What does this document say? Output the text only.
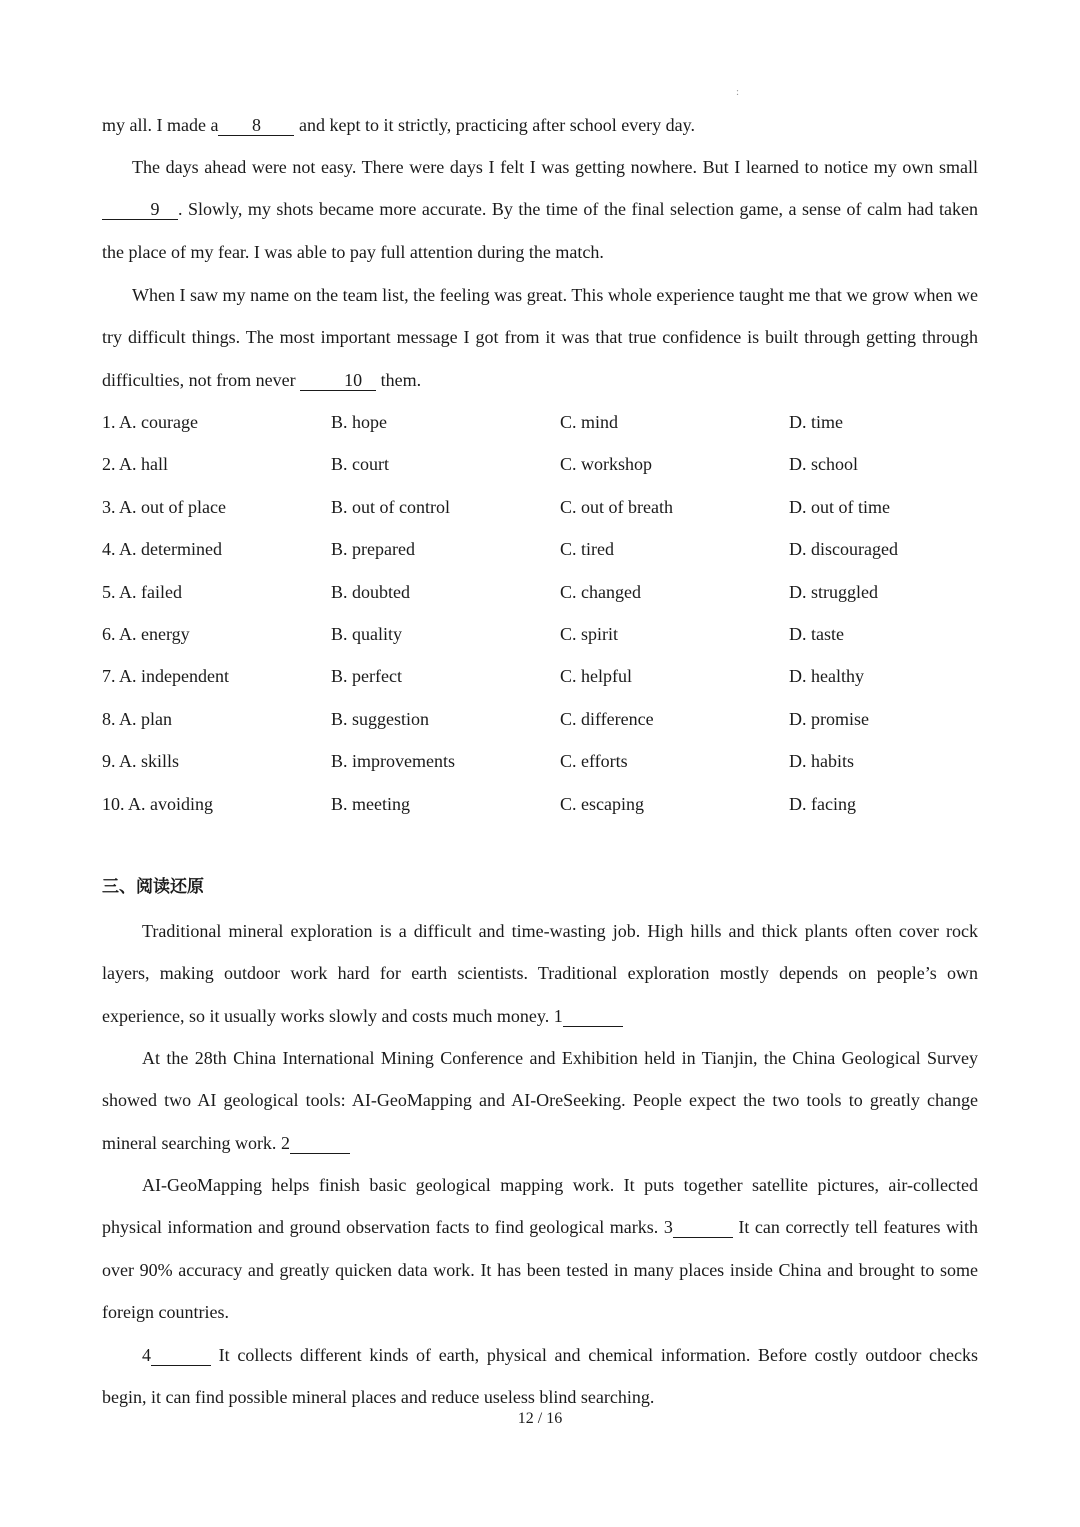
:

my all. I made a 8 and kept to it strictly, practicing after school every day.

The days ahead were not easy. There were days I felt I was getting nowhere. But I learned to notice my own small 9 . Slowly, my shots became more accurate. By the time of the final selection game, a sense of calm had taken the place of my fear. I was able to pay full attention during the match.

When I saw my name on the team list, the feeling was great. This whole experience taught me that we grow when we try difficult things. The most important message I got from it was that true confidence is built through getting through difficulties, not from never 10 them.

1. A. courage	B. hope	C. mind	D. time
2. A. hall	B. court	C. workshop	D. school
3. A. out of place	B. out of control	C. out of breath	D. out of time
4. A. determined	B. prepared	C. tired	D. discouraged
5. A. failed	B. doubted	C. changed	D. struggled
6. A. energy	B. quality	C. spirit	D. taste
7. A. independent	B. perfect	C. helpful	D. healthy
8. A. plan	B. suggestion	C. difference	D. promise
9. A. skills	B. improvements	C. efforts	D. habits
10. A. avoiding	B. meeting	C. escaping	D. facing
三、阅读还原

Traditional mineral exploration is a difficult and time-wasting job. High hills and thick plants often cover rock layers, making outdoor work hard for earth scientists. Traditional exploration mostly depends on people’s own experience, so it usually works slowly and costs much money. 1

At the 28th China International Mining Conference and Exhibition held in Tianjin, the China Geological Survey showed two AI geological tools: AI-GeoMapping and AI-OreSeeking. People expect the two tools to greatly change mineral searching work. 2

AI-GeoMapping helps finish basic geological mapping work. It puts together satellite pictures, air-collected physical information and ground observation facts to find geological marks. 3	It can correctly tell features with over 90% accuracy and greatly quicken data work. It has been tested in many places inside China and brought to some foreign countries.

4	It collects different kinds of earth, physical and chemical information. Before costly outdoor checks begin, it can find possible mineral places and reduce useless blind searching.

12 / 16
